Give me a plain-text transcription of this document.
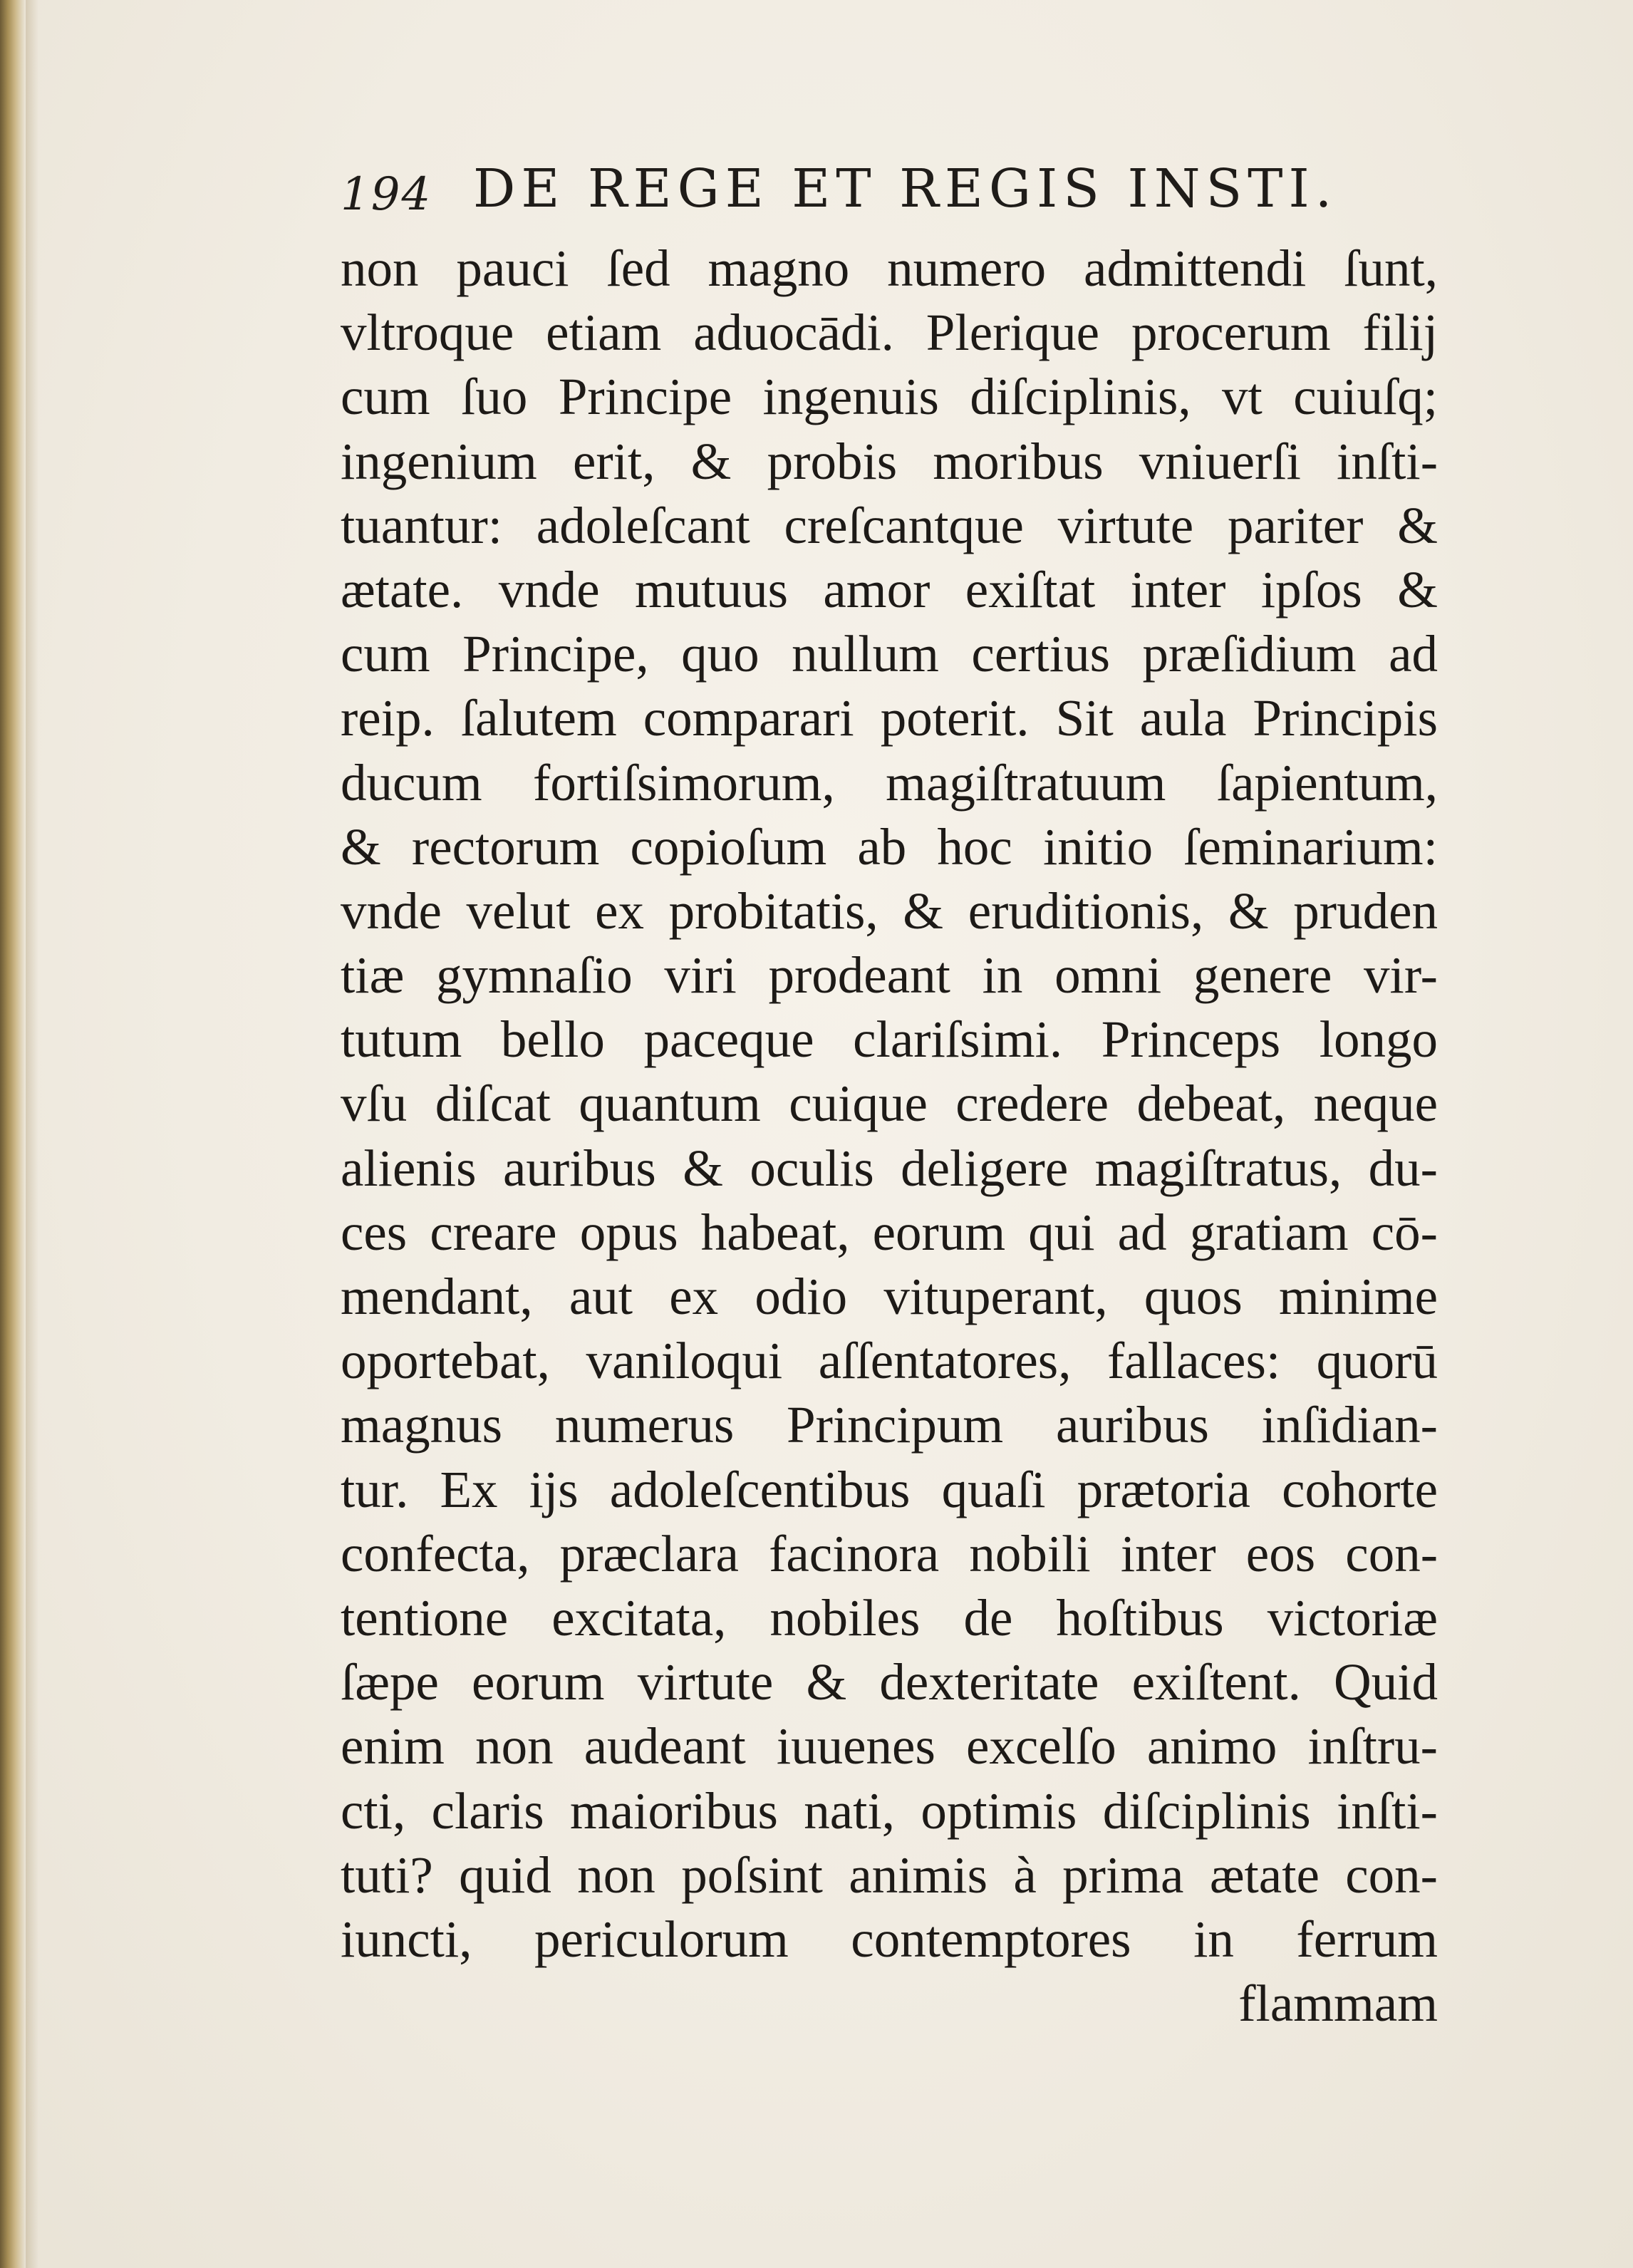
194 DE REGE ET REGIS INSTI.
non pauci ſed magno numero admittendi ſunt,
vltroque etiam aduocādi. Plerique procerum filij
cum ſuo Principe ingenuis diſciplinis, vt cuiuſq;
ingenium erit, & probis moribus vniuerſi inſti-
tuantur: adoleſcant creſcantque virtute pariter &
ætate. vnde mutuus amor exiſtat inter ipſos &
cum Principe, quo nullum certius præſidium ad
reip. ſalutem comparari poterit. Sit aula Principis
ducum fortiſsimorum, magiſtratuum ſapientum,
& rectorum copioſum ab hoc initio ſeminarium:
vnde velut ex probitatis, & eruditionis, & pruden
tiæ gymnaſio viri prodeant in omni genere vir-
tutum bello paceque clariſsimi. Princeps longo
vſu diſcat quantum cuique credere debeat, neque
alienis auribus & oculis deligere magiſtratus, du-
ces creare opus habeat, eorum qui ad gratiam cō-
mendant, aut ex odio vituperant, quos minime
oportebat, vaniloqui aſſentatores, fallaces: quorū
magnus numerus Principum auribus inſidian-
tur. Ex ijs adoleſcentibus quaſi prætoria cohorte
confecta, præclara facinora nobili inter eos con-
tentione excitata, nobiles de hoſtibus victoriæ
ſæpe eorum virtute & dexteritate exiſtent. Quid
enim non audeant iuuenes excelſo animo inſtru-
cti, claris maioribus nati, optimis diſciplinis inſti-
tuti? quid non poſsint animis à prima ætate con-
iuncti, periculorum contemptores in ferrum
flammam
